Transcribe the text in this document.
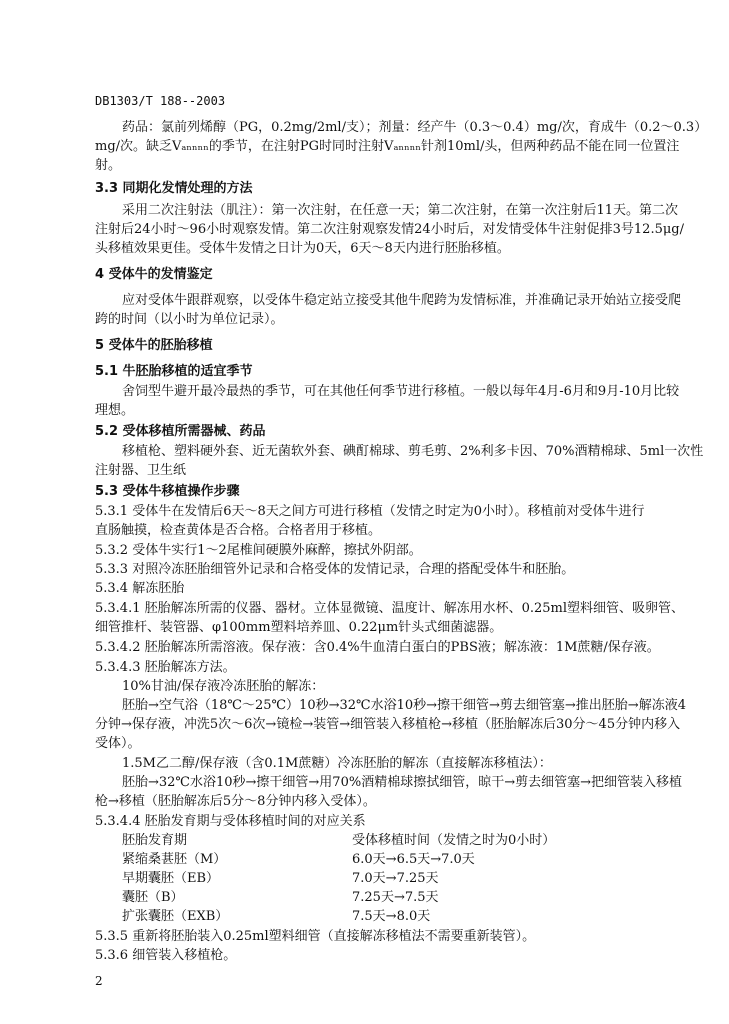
DB1303/T 188--2003
药品：氯前列烯醇（PG，0.2mg/2ml/支）；剂量：经产牛（0.3～0.4）mg/次，育成牛（0.2～0.3）
mg/次。缺乏Vₐₙₙₙₙ的季节，在注射PG时同时注射Vₐₙₙₙₙ针剂10ml/头，但两种药品不能在同一位置注
射。
3.3 同期化发情处理的方法
采用二次注射法（肌注）：第一次注射，在任意一天；第二次注射，在第一次注射后11天。第二次
注射后24小时～96小时观察发情。第二次注射观察发情24小时后，对发情受体牛注射促排3号12.5μg/
头移植效果更佳。受体牛发情之日计为0天，6天～8天内进行胚胎移植。
4 受体牛的发情鉴定
应对受体牛跟群观察，以受体牛稳定站立接受其他牛爬跨为发情标准，并准确记录开始站立接受爬
跨的时间（以小时为单位记录）。
5 受体牛的胚胎移植
5.1 牛胚胎移植的适宜季节
舍饲型牛避开最冷最热的季节，可在其他任何季节进行移植。一般以每年4月-6月和9月-10月比较
理想。
5.2 受体移植所需器械、药品
移植枪、塑料硬外套、近无菌软外套、碘酊棉球、剪毛剪、2%利多卡因、70%酒精棉球、5ml一次性
注射器、卫生纸
5.3 受体牛移植操作步骤
5.3.1 受体牛在发情后6天～8天之间方可进行移植（发情之时定为0小时）。移植前对受体牛进行
直肠触摸，检查黄体是否合格。合格者用于移植。
5.3.2 受体牛实行1～2尾椎间硬膜外麻醉，擦拭外阴部。
5.3.3 对照冷冻胚胎细管外记录和合格受体的发情记录，合理的搭配受体牛和胚胎。
5.3.4 解冻胚胎
5.3.4.1 胚胎解冻所需的仪器、器材。立体显微镜、温度计、解冻用水杯、0.25ml塑料细管、吸卵管、
细管推杆、装管器、φ100mm塑料培养皿、0.22μm针头式细菌滤器。
5.3.4.2 胚胎解冻所需溶液。保存液：含0.4%牛血清白蛋白的PBS液；解冻液：1M蔗糖/保存液。
5.3.4.3 胚胎解冻方法。
10%甘油/保存液冷冻胚胎的解冻：
胚胎→空气浴（18℃～25℃）10秒→32℃水浴10秒→擦干细管→剪去细管塞→推出胚胎→解冻液4
分钟→保存液，冲洗5次～6次→镜检→装管→细管装入移植枪→移植（胚胎解冻后30分～45分钟内移入
受体）。
1.5M乙二醇/保存液（含0.1M蔗糖）冷冻胚胎的解冻（直接解冻移植法）：
胚胎→32℃水浴10秒→擦干细管→用70%酒精棉球擦拭细管，晾干→剪去细管塞→把细管装入移植
枪→移植（胚胎解冻后5分～8分钟内移入受体）。
5.3.4.4 胚胎发育期与受体移植时间的对应关系
胚胎发育期	受体移植时间（发情之时为0小时）
紧缩桑葚胚（M）	6.0天→6.5天→7.0天
早期囊胚（EB）	7.0天→7.25天
囊胚（B）	7.25天→7.5天
扩张囊胚（EXB）	7.5天→8.0天
5.3.5 重新将胚胎装入0.25ml塑料细管（直接解冻移植法不需要重新装管）。
5.3.6 细管装入移植枪。
2
